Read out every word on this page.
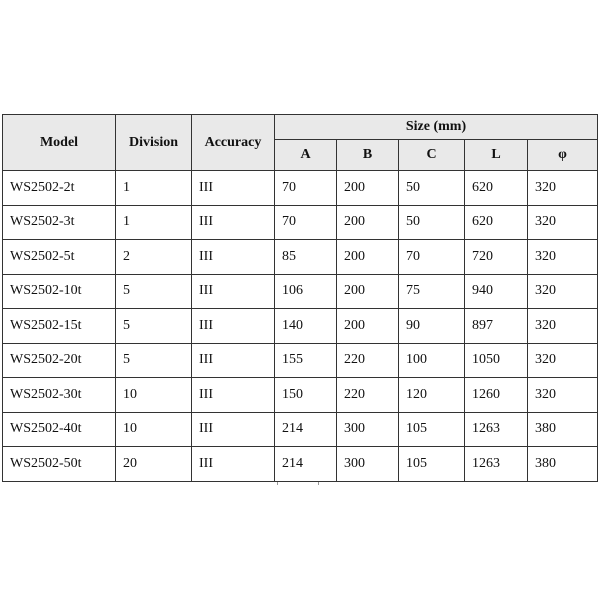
Model	Division	Accuracy	Size (mm)				
			A	B	C	L	φ
WS2502-2t	1	III	70	200	50	620	320
WS2502-3t	1	III	70	200	50	620	320
WS2502-5t	2	III	85	200	70	720	320
WS2502-10t	5	III	106	200	75	940	320
WS2502-15t	5	III	140	200	90	897	320
WS2502-20t	5	III	155	220	100	1050	320
WS2502-30t	10	III	150	220	120	1260	320
WS2502-40t	10	III	214	300	105	1263	380
WS2502-50t	20	III	214	300	105	1263	380
